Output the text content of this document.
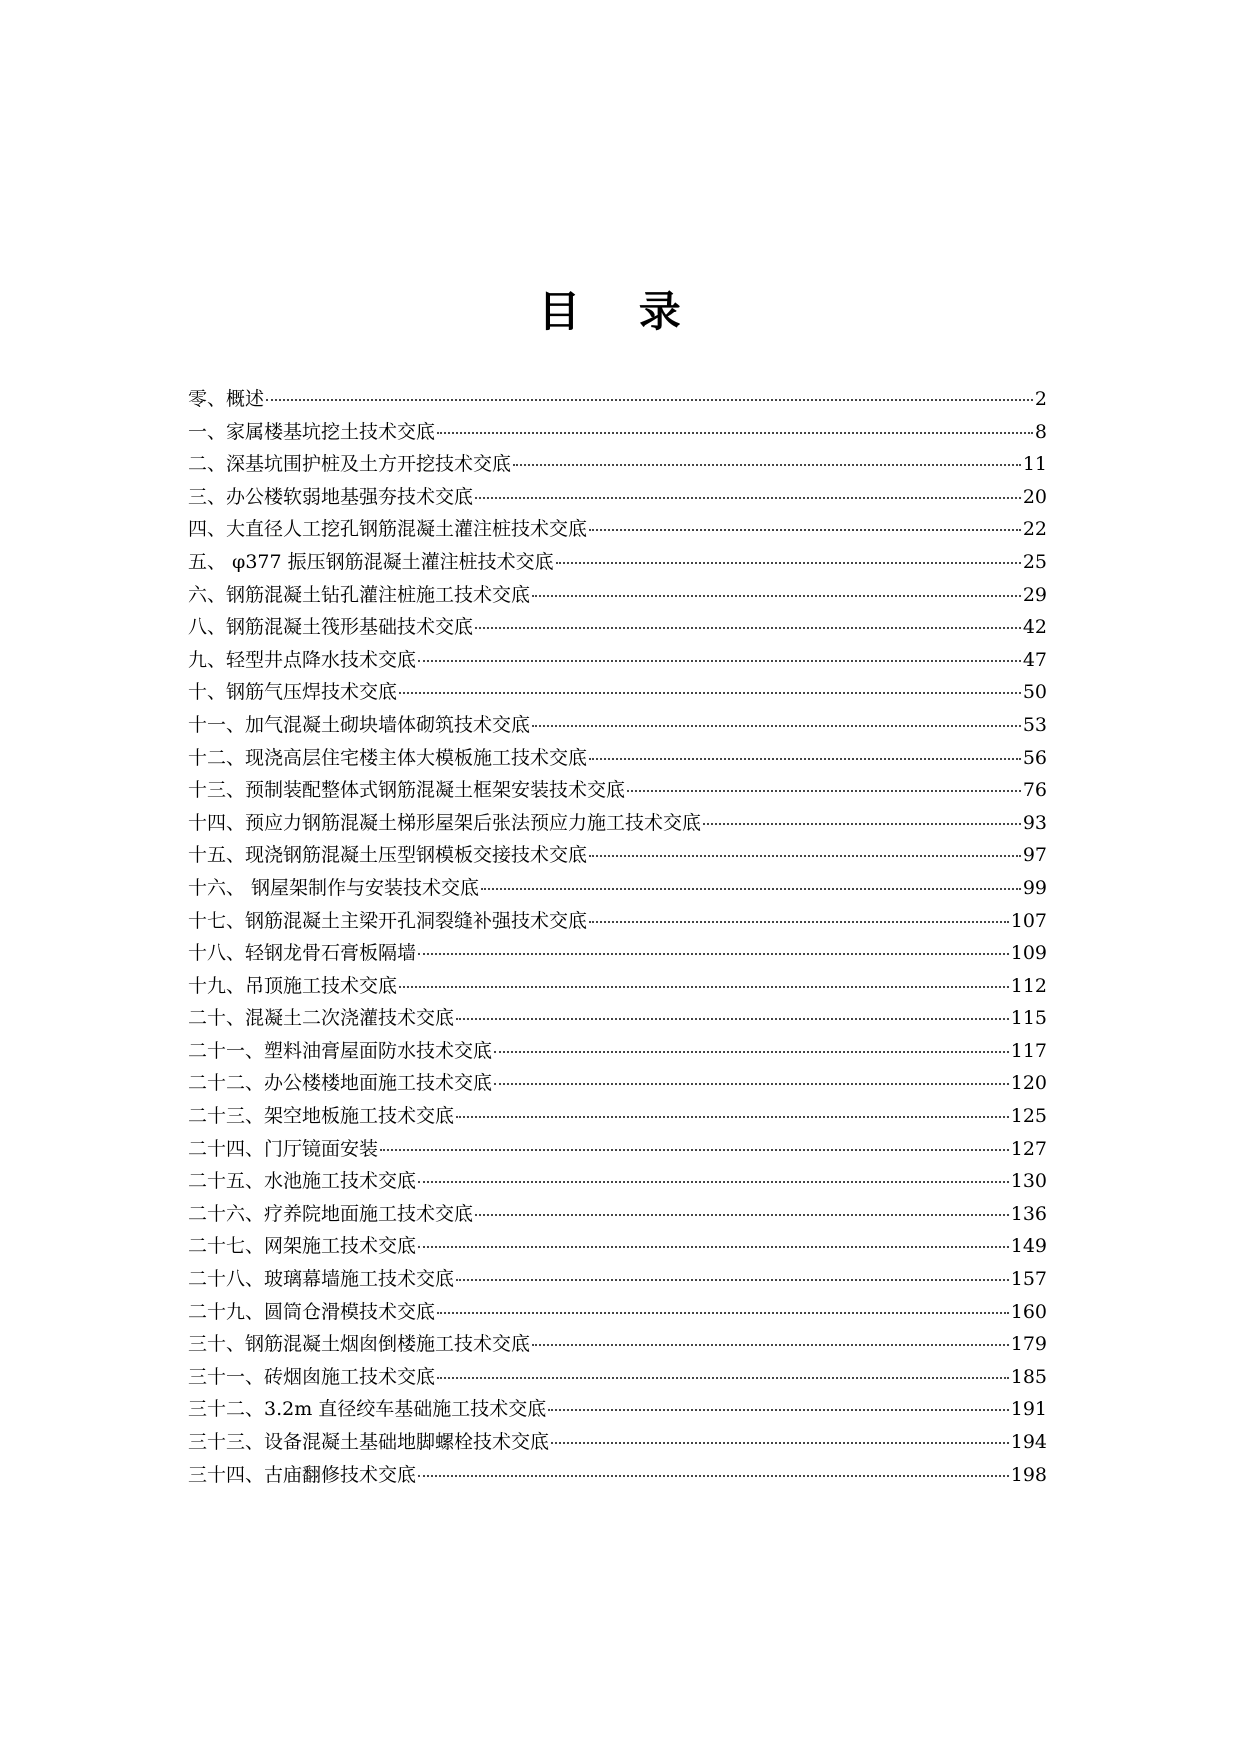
目 录
零、概述	2
一、家属楼基坑挖土技术交底	8
二、深基坑围护桩及土方开挖技术交底	11
三、办公楼软弱地基强夯技术交底	20
四、大直径人工挖孔钢筋混凝土灌注桩技术交底	22
五、 φ377 振压钢筋混凝土灌注桩技术交底	25
六、钢筋混凝土钻孔灌注桩施工技术交底	29
八、钢筋混凝土筏形基础技术交底	42
九、轻型井点降水技术交底	47
十、钢筋气压焊技术交底	50
十一、加气混凝土砌块墙体砌筑技术交底	53
十二、现浇高层住宅楼主体大模板施工技术交底	56
十三、预制装配整体式钢筋混凝土框架安装技术交底	76
十四、预应力钢筋混凝土梯形屋架后张法预应力施工技术交底	93
十五、现浇钢筋混凝土压型钢模板交接技术交底	97
十六、 钢屋架制作与安装技术交底	99
十七、钢筋混凝土主梁开孔洞裂缝补强技术交底	107
十八、轻钢龙骨石膏板隔墙	109
十九、吊顶施工技术交底	112
二十、混凝土二次浇灌技术交底	115
二十一、塑料油膏屋面防水技术交底	117
二十二、办公楼楼地面施工技术交底	120
二十三、架空地板施工技术交底	125
二十四、门厅镜面安装	127
二十五、水池施工技术交底	130
二十六、疗养院地面施工技术交底	136
二十七、网架施工技术交底	149
二十八、玻璃幕墙施工技术交底	157
二十九、圆筒仓滑模技术交底	160
三十、钢筋混凝土烟囱倒楼施工技术交底	179
三十一、砖烟囱施工技术交底	185
三十二、3.2m 直径绞车基础施工技术交底	191
三十三、设备混凝土基础地脚螺栓技术交底	194
三十四、古庙翻修技术交底	198
